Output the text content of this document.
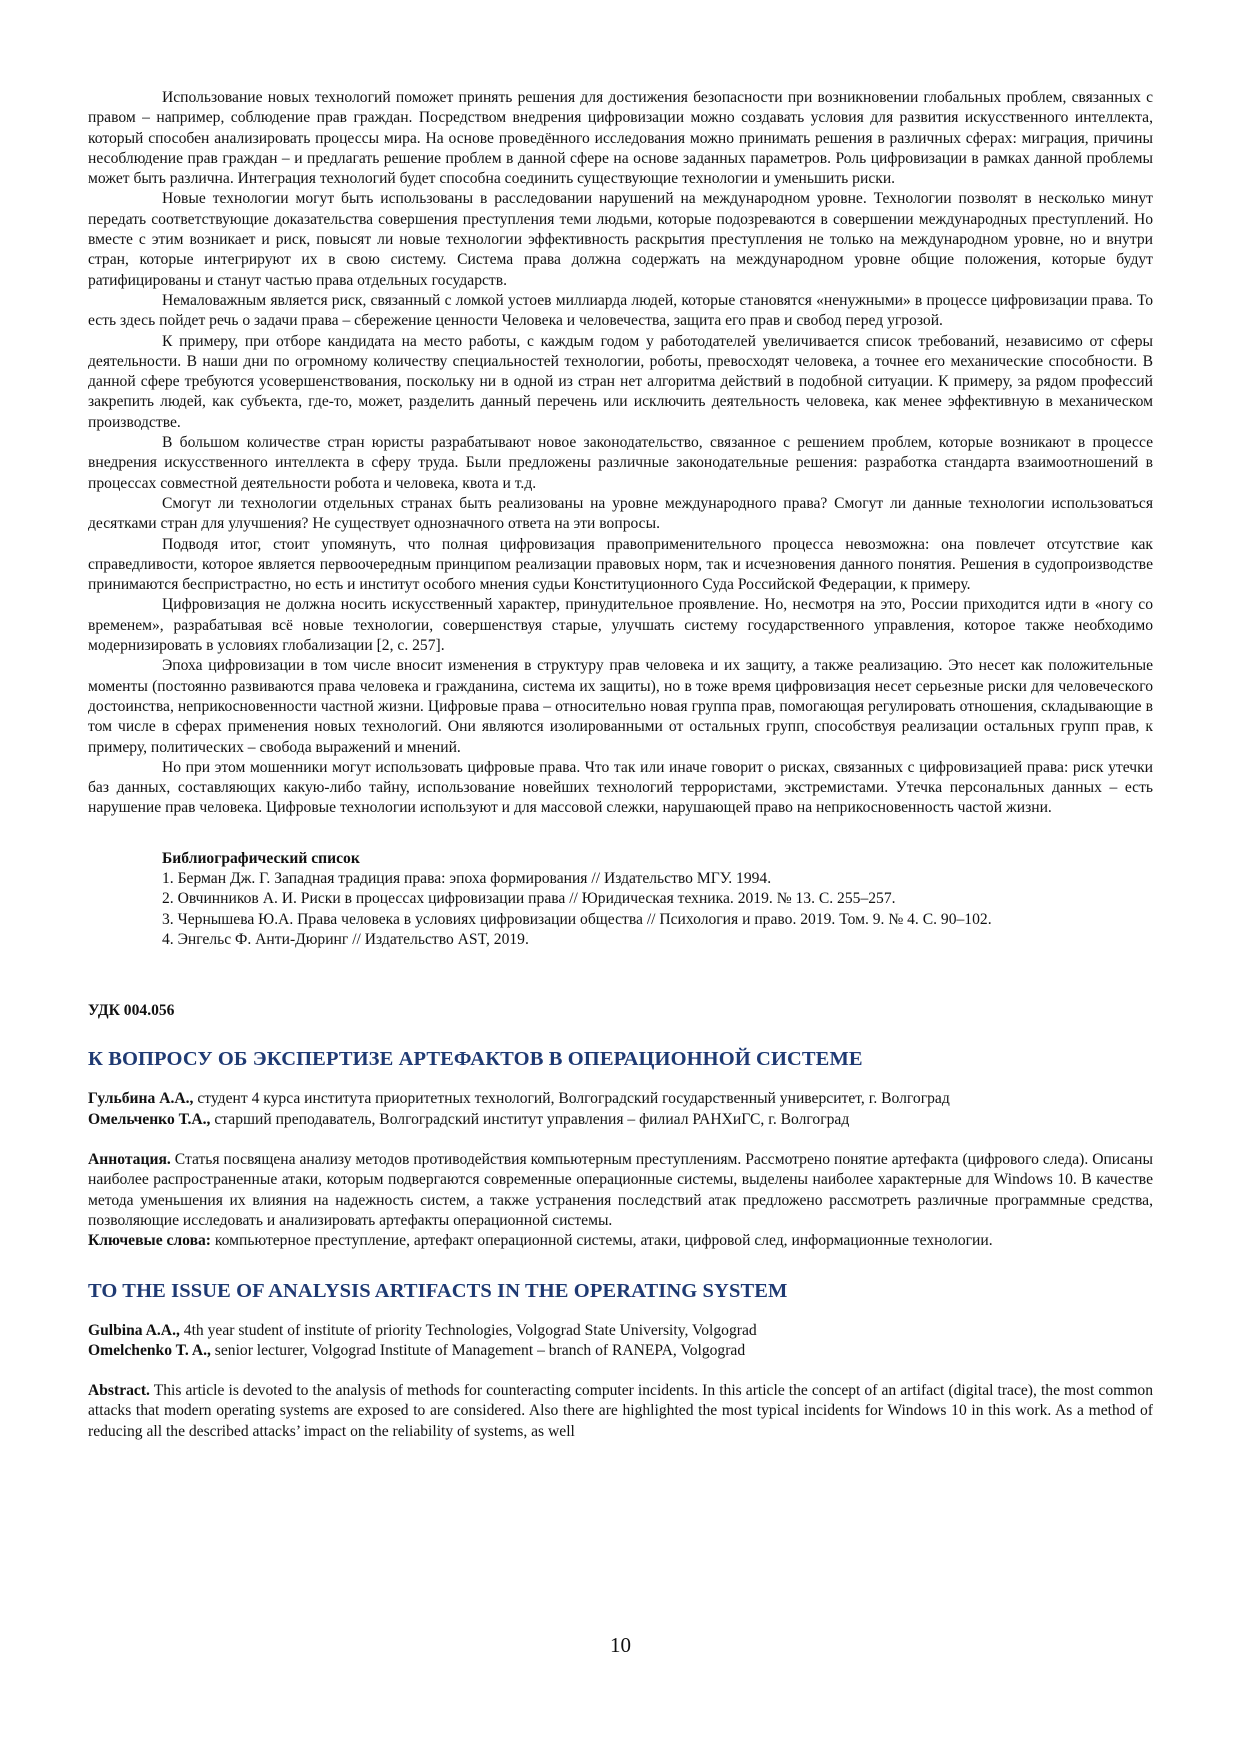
Использование новых технологий поможет принять решения для достижения безопасности при возникновении глобальных проблем, связанных с правом – например, соблюдение прав граждан. Посредством внедрения цифровизации можно создавать условия для развития искусственного интеллекта, который способен анализировать процессы мира. На основе проведённого исследования можно принимать решения в различных сферах: миграция, причины несоблюдение прав граждан – и предлагать решение проблем в данной сфере на основе заданных параметров. Роль цифровизации в рамках данной проблемы может быть различна. Интеграция технологий будет способна соединить существующие технологии и уменьшить риски.

Новые технологии могут быть использованы в расследовании нарушений на международном уровне. Технологии позволят в несколько минут передать соответствующие доказательства совершения преступления теми людьми, которые подозреваются в совершении международных преступлений. Но вместе с этим возникает и риск, повысят ли новые технологии эффективность раскрытия преступления не только на международном уровне, но и внутри стран, которые интегрируют их в свою систему. Система права должна содержать на международном уровне общие положения, которые будут ратифицированы и станут частью права отдельных государств.

Немаловажным является риск, связанный с ломкой устоев миллиарда людей, которые становятся «ненужными» в процессе цифровизации права. То есть здесь пойдет речь о задачи права – сбережение ценности Человека и человечества, защита его прав и свобод перед угрозой.

К примеру, при отборе кандидата на место работы, с каждым годом у работодателей увеличивается список требований, независимо от сферы деятельности. В наши дни по огромному количеству специальностей технологии, роботы, превосходят человека, а точнее его механические способности. В данной сфере требуются усовершенствования, поскольку ни в одной из стран нет алгоритма действий в подобной ситуации. К примеру, за рядом профессий закрепить людей, как субъекта, где-то, может, разделить данный перечень или исключить деятельность человека, как менее эффективную в механическом производстве.

В большом количестве стран юристы разрабатывают новое законодательство, связанное с решением проблем, которые возникают в процессе внедрения искусственного интеллекта в сферу труда. Были предложены различные законодательные решения: разработка стандарта взаимоотношений в процессах совместной деятельности робота и человека, квота и т.д.

Смогут ли технологии отдельных странах быть реализованы на уровне международного права? Смогут ли данные технологии использоваться десятками стран для улучшения? Не существует однозначного ответа на эти вопросы.

Подводя итог, стоит упомянуть, что полная цифровизация правоприменительного процесса невозможна: она повлечет отсутствие как справедливости, которое является первоочередным принципом реализации правовых норм, так и исчезновения данного понятия. Решения в судопроизводстве принимаются беспристрастно, но есть и институт особого мнения судьи Конституционного Суда Российской Федерации, к примеру.

Цифровизация не должна носить искусственный характер, принудительное проявление. Но, несмотря на это, России приходится идти в «ногу со временем», разрабатывая всё новые технологии, совершенствуя старые, улучшать систему государственного управления, которое также необходимо модернизировать в условиях глобализации [2, с. 257].

Эпоха цифровизации в том числе вносит изменения в структуру прав человека и их защиту, а также реализацию. Это несет как положительные моменты (постоянно развиваются права человека и гражданина, система их защиты), но в тоже время цифровизация несет серьезные риски для человеческого достоинства, неприкосновенности частной жизни. Цифровые права – относительно новая группа прав, помогающая регулировать отношения, складывающие в том числе в сферах применения новых технологий. Они являются изолированными от остальных групп, способствуя реализации остальных групп прав, к примеру, политических – свобода выражений и мнений.

Но при этом мошенники могут использовать цифровые права. Что так или иначе говорит о рисках, связанных с цифровизацией права: риск утечки баз данных, составляющих какую-либо тайну, использование новейших технологий террористами, экстремистами. Утечка персональных данных – есть нарушение прав человека. Цифровые технологии используют и для массовой слежки, нарушающей право на неприкосновенность частой жизни.

Библиографический список

1. Берман Дж. Г. Западная традиция права: эпоха формирования // Издательство МГУ. 1994.

2. Овчинников А. И. Риски в процессах цифровизации права // Юридическая техника. 2019. № 13. С. 255–257.

3. Чернышева Ю.А. Права человека в условиях цифровизации общества // Психология и право. 2019. Том. 9. № 4. С. 90–102.

4. Энгельс Ф. Анти-Дюринг // Издательство AST, 2019.

УДК 004.056
К ВОПРОСУ ОБ ЭКСПЕРТИЗЕ АРТЕФАКТОВ В ОПЕРАЦИОННОЙ СИСТЕМЕ

Гульбина А.А., студент 4 курса института приоритетных технологий, Волгоградский государственный университет, г. Волгоград

Омельченко Т.А., старший преподаватель, Волгоградский институт управления – филиал РАНХиГС, г. Волгоград

Аннотация. Статья посвящена анализу методов противодействия компьютерным преступлениям. Рассмотрено понятие артефакта (цифрового следа). Описаны наиболее распространенные атаки, которым подвергаются современные операционные системы, выделены наиболее характерные для Windows 10. В качестве метода уменьшения их влияния на надежность систем, а также устранения последствий атак предложено рассмотреть различные программные средства, позволяющие исследовать и анализировать артефакты операционной системы.

Ключевые слова: компьютерное преступление, артефакт операционной системы, атаки, цифровой след, информационные технологии.

TO THE ISSUE OF ANALYSIS ARTIFACTS IN THE OPERATING SYSTEM

Gulbina A.A., 4th year student of institute of priority Technologies, Volgograd State University, Volgograd

Omelchenko T. A., senior lecturer, Volgograd Institute of Management – branch of RANEPA, Volgograd

Abstract. This article is devoted to the analysis of methods for counteracting computer incidents. In this article the concept of an artifact (digital trace), the most common attacks that modern operating systems are exposed to are considered. Also there are highlighted the most typical incidents for Windows 10 in this work. As a method of reducing all the described attacks’ impact on the reliability of systems, as well

10
